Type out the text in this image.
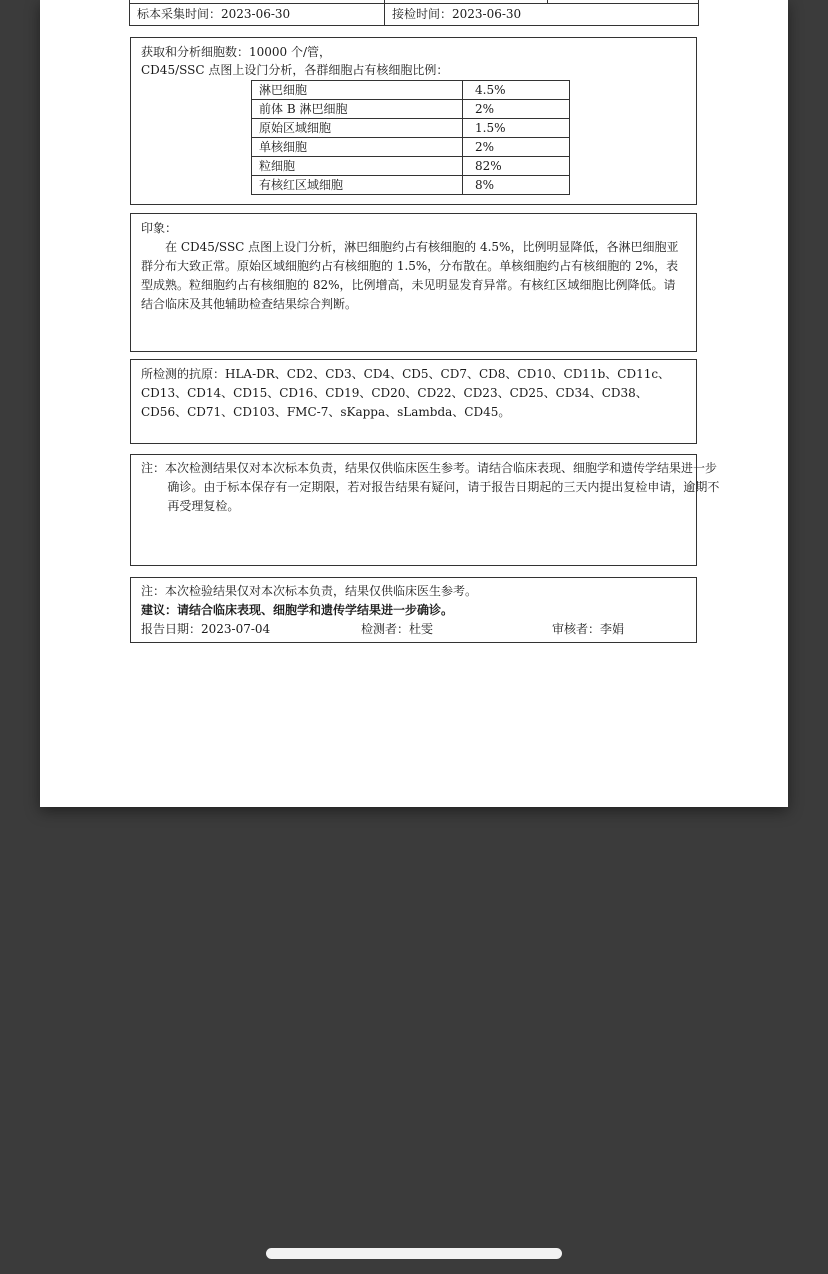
标本采集时间：2023-06-30	接检时间：2023-06-30
获取和分析细胞数：10000 个/管，
CD45/SSC 点图上设门分析，各群细胞占有核细胞比例：
淋巴细胞	4.5%
前体 B 淋巴细胞	2%
原始区域细胞	1.5%
单核细胞	2%
粒细胞	82%
有核红区域细胞	8%
印象：
在 CD45/SSC 点图上设门分析，淋巴细胞约占有核细胞的 4.5%，比例明显降低，各淋巴细胞亚群分布大致正常。原始区域细胞约占有核细胞的 1.5%，分布散在。单核细胞约占有核细胞的 2%，表型成熟。粒细胞约占有核细胞的 82%，比例增高，未见明显发育异常。有核红区域细胞比例降低。请结合临床及其他辅助检查结果综合判断。
所检测的抗原：HLA-DR、CD2、CD3、CD4、CD5、CD7、CD8、CD10、CD11b、CD11c、CD13、CD14、CD15、CD16、CD19、CD20、CD22、CD23、CD25、CD34、CD38、CD56、CD71、CD103、FMC-7、sKappa、sLambda、CD45。
注：本次检测结果仅对本次标本负责，结果仅供临床医生参考。请结合临床表现、细胞学和遗传学结果进一步确诊。由于标本保存有一定期限，若对报告结果有疑问，请于报告日期起的三天内提出复检申请，逾期不再受理复检。
注：本次检验结果仅对本次标本负责，结果仅供临床医生参考。
建议：请结合临床表现、细胞学和遗传学结果进一步确诊。
报告日期：2023-07-04	检测者：杜雯	审核者：李娟
